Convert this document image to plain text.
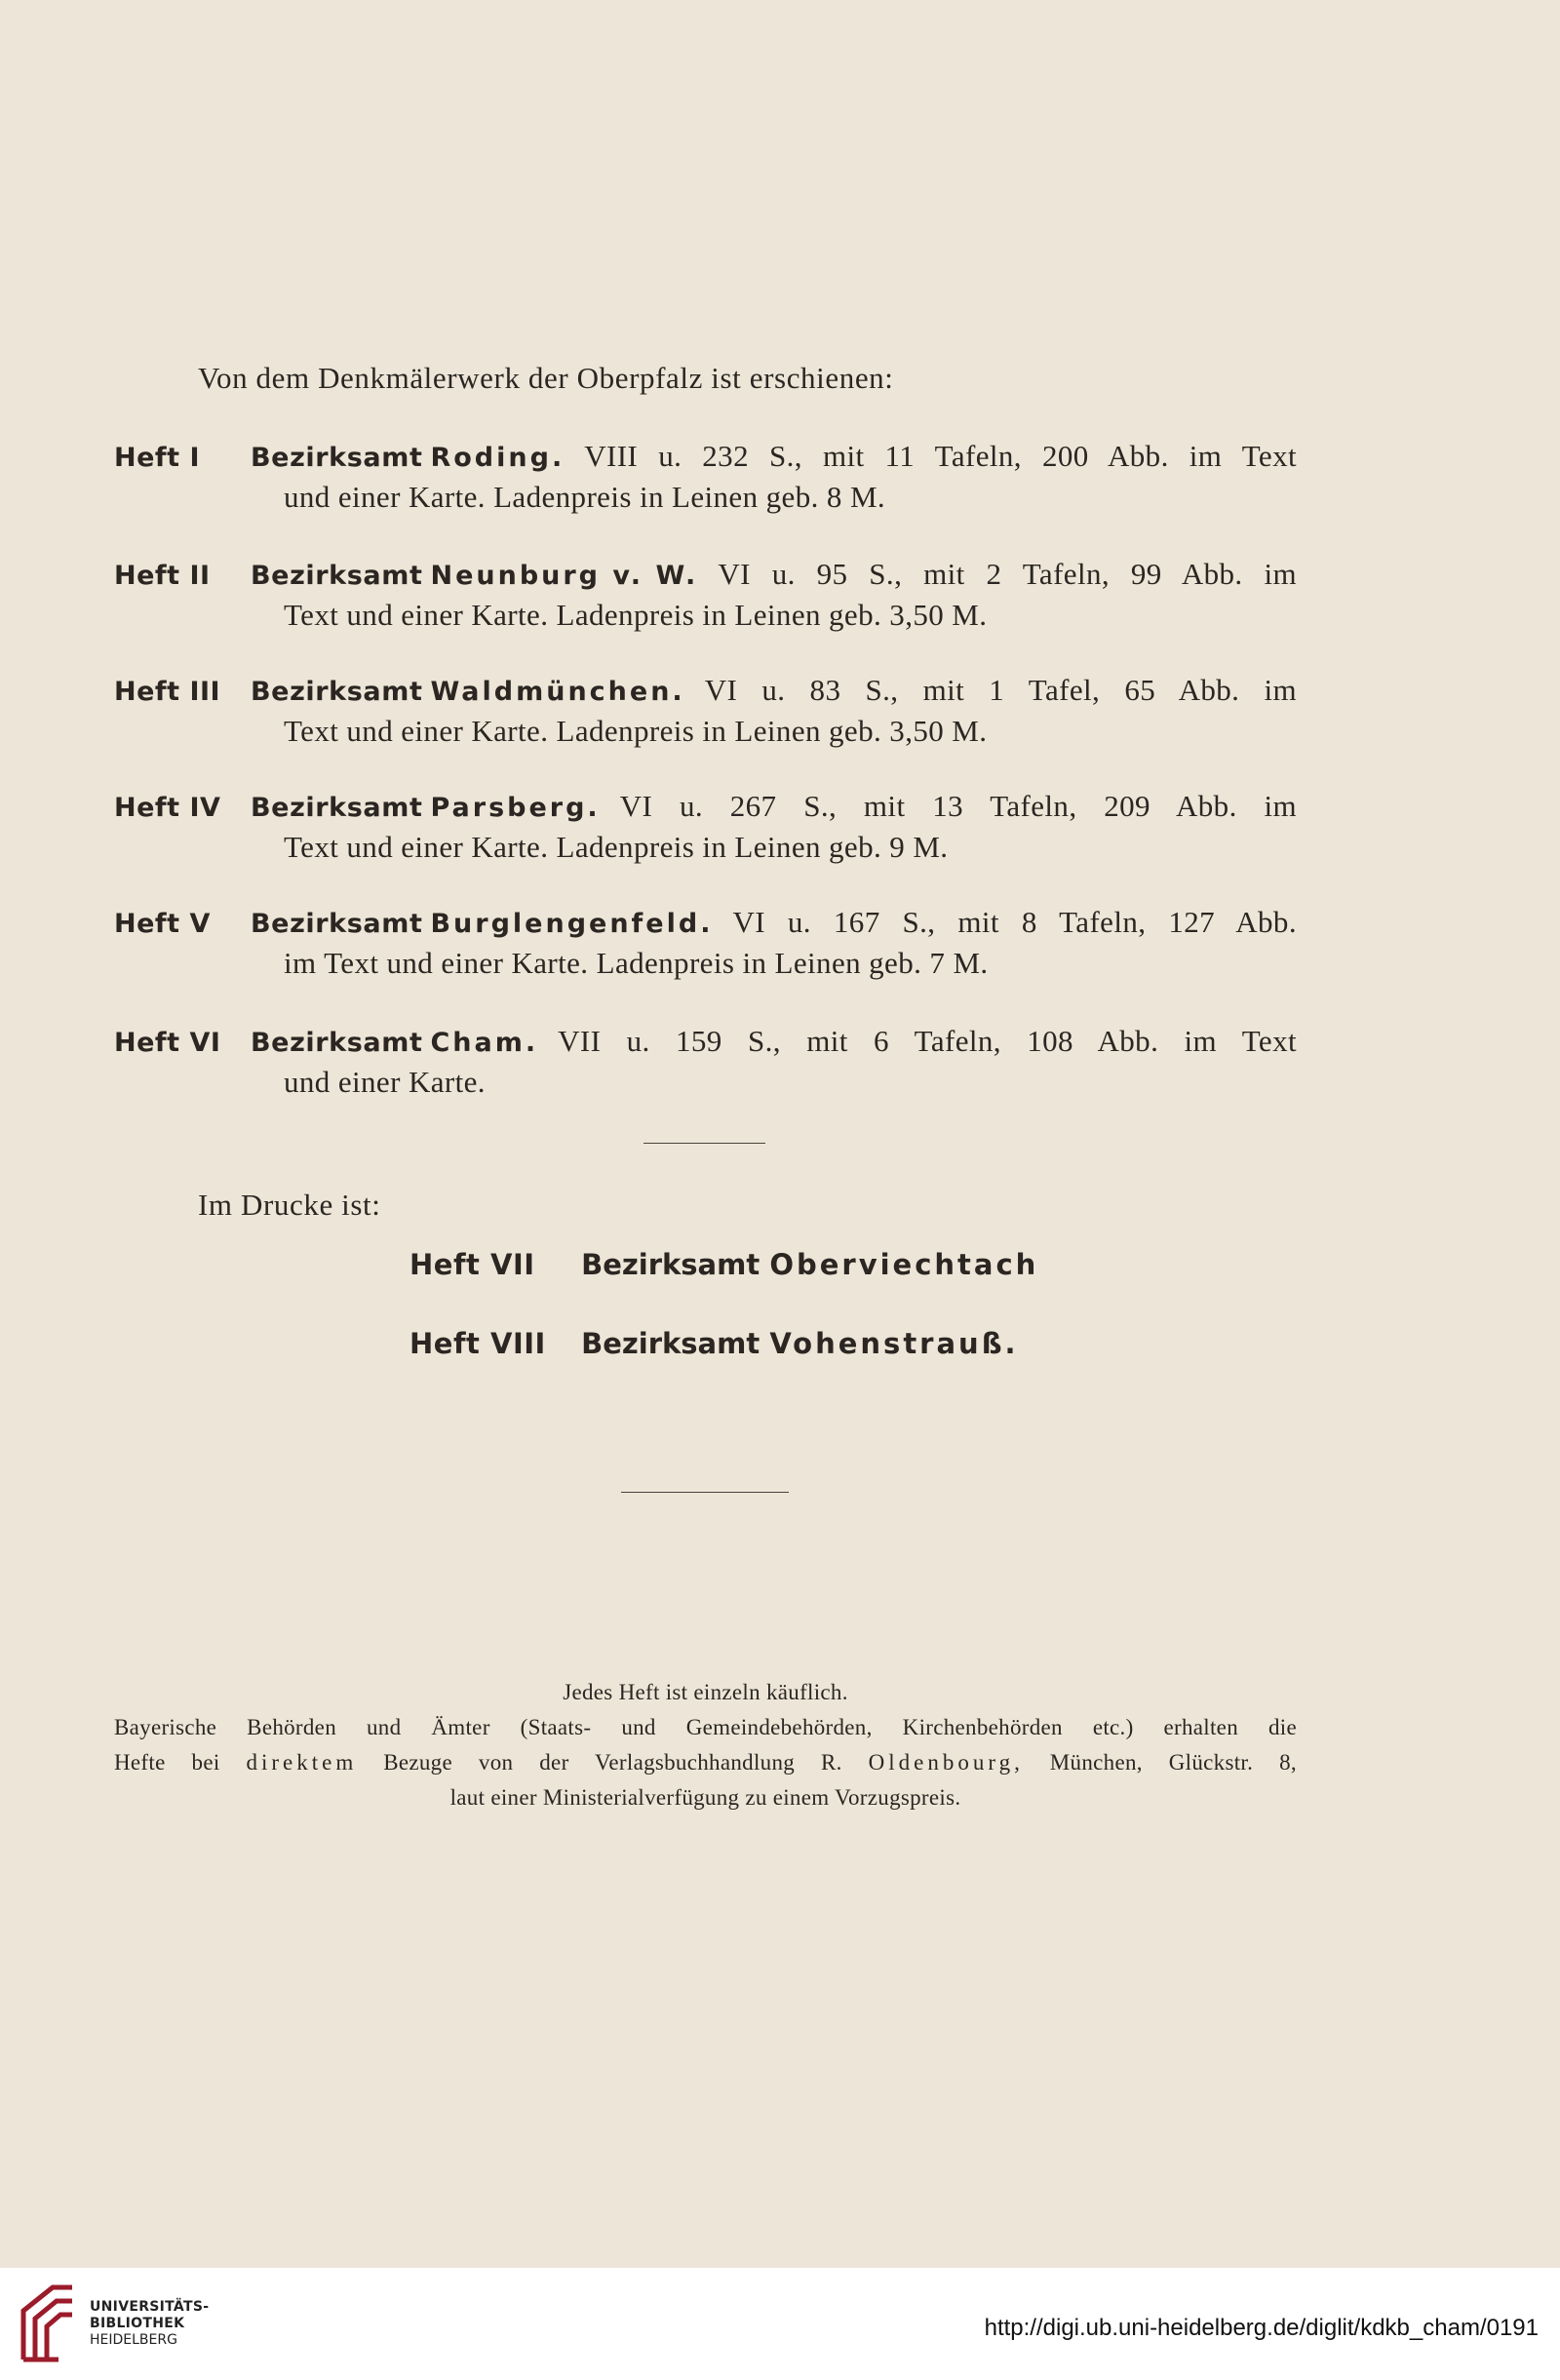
Von dem Denkmälerwerk der Oberpfalz ist erschienen:
Heft I	Bezirksamt Roding. VIII u. 232 S., mit 11 Tafeln, 200 Abb. im Text
und einer Karte. Ladenpreis in Leinen geb. 8 M.
Heft II	Bezirksamt Neunburg v. W. VI u. 95 S., mit 2 Tafeln, 99 Abb. im
Text und einer Karte. Ladenpreis in Leinen geb. 3,50 M.
Heft III	Bezirksamt Waldmünchen. VI u. 83 S., mit 1 Tafel, 65 Abb. im
Text und einer Karte. Ladenpreis in Leinen geb. 3,50 M.
Heft IV	Bezirksamt Parsberg. VI u. 267 S., mit 13 Tafeln, 209 Abb. im
Text und einer Karte. Ladenpreis in Leinen geb. 9 M.
Heft V	Bezirksamt Burglengenfeld. VI u. 167 S., mit 8 Tafeln, 127 Abb.
im Text und einer Karte. Ladenpreis in Leinen geb. 7 M.
Heft VI	Bezirksamt Cham. VII u. 159 S., mit 6 Tafeln, 108 Abb. im Text
und einer Karte.
Im Drucke ist:
Heft VII Bezirksamt Oberviechtach
Heft VIII Bezirksamt Vohenstrauß.
Jedes Heft ist einzeln käuflich.
Bayerische Behörden und Ämter (Staats- und Gemeindebehörden, Kirchenbehörden etc.) erhalten die
Hefte bei direktem Bezuge von der Verlagsbuchhandlung R. Oldenbourg, München, Glückstr. 8,
laut einer Ministerialverfügung zu einem Vorzugspreis.
UNIVERSITÄTS-
BIBLIOTHEK
HEIDELBERG	http://digi.ub.uni-heidelberg.de/diglit/kdkb_cham/0191
